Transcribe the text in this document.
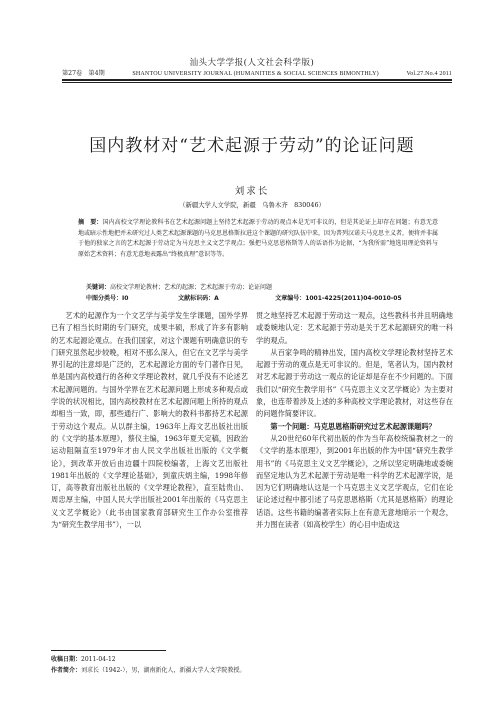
汕头大学学报(人文社会科学版)
第27卷　第4期	SHANTOU UNIVERSITY JOURNAL (HUMANITIES & SOCIAL SCIENCES BIMONTHLY)	Vol.27.No.4 2011
国内教材对“艺术起源于劳动”的论证问题
刘求长
（新疆大学人文学院，新疆　乌鲁木齐　830046）
摘　要：国内高校文学理论教科书在艺术起源问题上坚持艺术起源于劳动的观点本是无可非议的，但是其论证上却存在问题；有意无意地或暗示性地把并未研究过人类艺术起源课题的马克思恩格斯拉进这个课题的研究队伍中来，因为普列汉诺夫马克思主义者，便将并非属于他的独家之言的艺术起源于劳动定为马克思主义文艺学观点；强把马克思恩格斯等人的话语作为论据，“为我所需”地选用理论资料与原始艺术资料；有意无意地表露出“终极真理”意识等等。
关键词：高校文学理论教材；艺术的起源；艺术起源于劳动；论证问题
中图分类号：I0	文献标识码：A	文章编号：1001-4225(2011)04-0010-05

艺术的起源作为一个文艺学与美学发生学课题，国外学界已有了相当长时期的专门研究，成果丰硕，形成了许多有影响的艺术起源论观点。在我们国家，对这个课题有明确意识的专门研究虽然起步较晚，相对不那么深入，但它在文艺学与美学界引起的注意却是广泛的，艺术起源论方面的专门著作日见，单是国内高校通行的各种文学理论教材，就几乎没有不论述艺术起源问题的。与国外学界在艺术起源问题上形成多种观点或学说的状况相比，国内高校教材在艺术起源问题上所持的观点却相当一致，即，那些通行广、影响大的教科书都持艺术起源于劳动这个观点。从以群主编，1963年上海文艺出版社出版的《文学的基本原理》，蔡仪主编，1963年夏天定稿，因政治运动阻隔直至1979年才由人民文学出版社出版的《文学概论》，到改革开放后由边疆十四院校编著，上海文艺出版社1981年出版的《文学理论基础》，到童庆炳主编，1998年修订，高等教育出版社出版的《文学理论教程》，直至陆贵山、周忠厚主编，中国人民大学出版社2001年出版的《马克思主义文艺学概论》（此书由国家教育部研究生工作办公室推荐为“研究生教学用书”），一以

贯之地坚持艺术起源于劳动这一观点，这些教科书并且明确地或委婉地认定：艺术起源于劳动是关于艺术起源研究的唯一科学的观点。

从百家争鸣的精神出发，国内高校文学理论教材坚持艺术起源于劳动的观点是无可非议的。但是，笔者认为，国内教材对艺术起源于劳动这一观点的论证却是存在不少问题的。下面我们以“研究生教学用书”《马克思主义文艺学概论》为主要对象，也连带着涉及上述的多种高校文学理论教材，对这些存在的问题作简要评议。

第一个问题：马克思恩格斯研究过艺术起源课题吗？

从20世纪60年代初出版的作为当年高校统编教材之一的《文学的基本原理》，到2001年出版的作为中国“研究生教学用书”的《马克思主义文艺学概论》，之所以坚定明确地或委婉而坚定地认为艺术起源于劳动是唯一科学的艺术起源学说，是因为它们明确地认这是一个马克思主义文艺学观点，它们在论证论述过程中都引述了马克思恩格斯（尤其是恩格斯）的理论话语。这些书籍的编著者实际上在有意无意地暗示一个观念，并力图在读者（如高校学生）的心目中造成这

收稿日期：2011-04-12
作者简介：刘求长（1942-），男，湖南新化人，新疆大学人文学院教授。
